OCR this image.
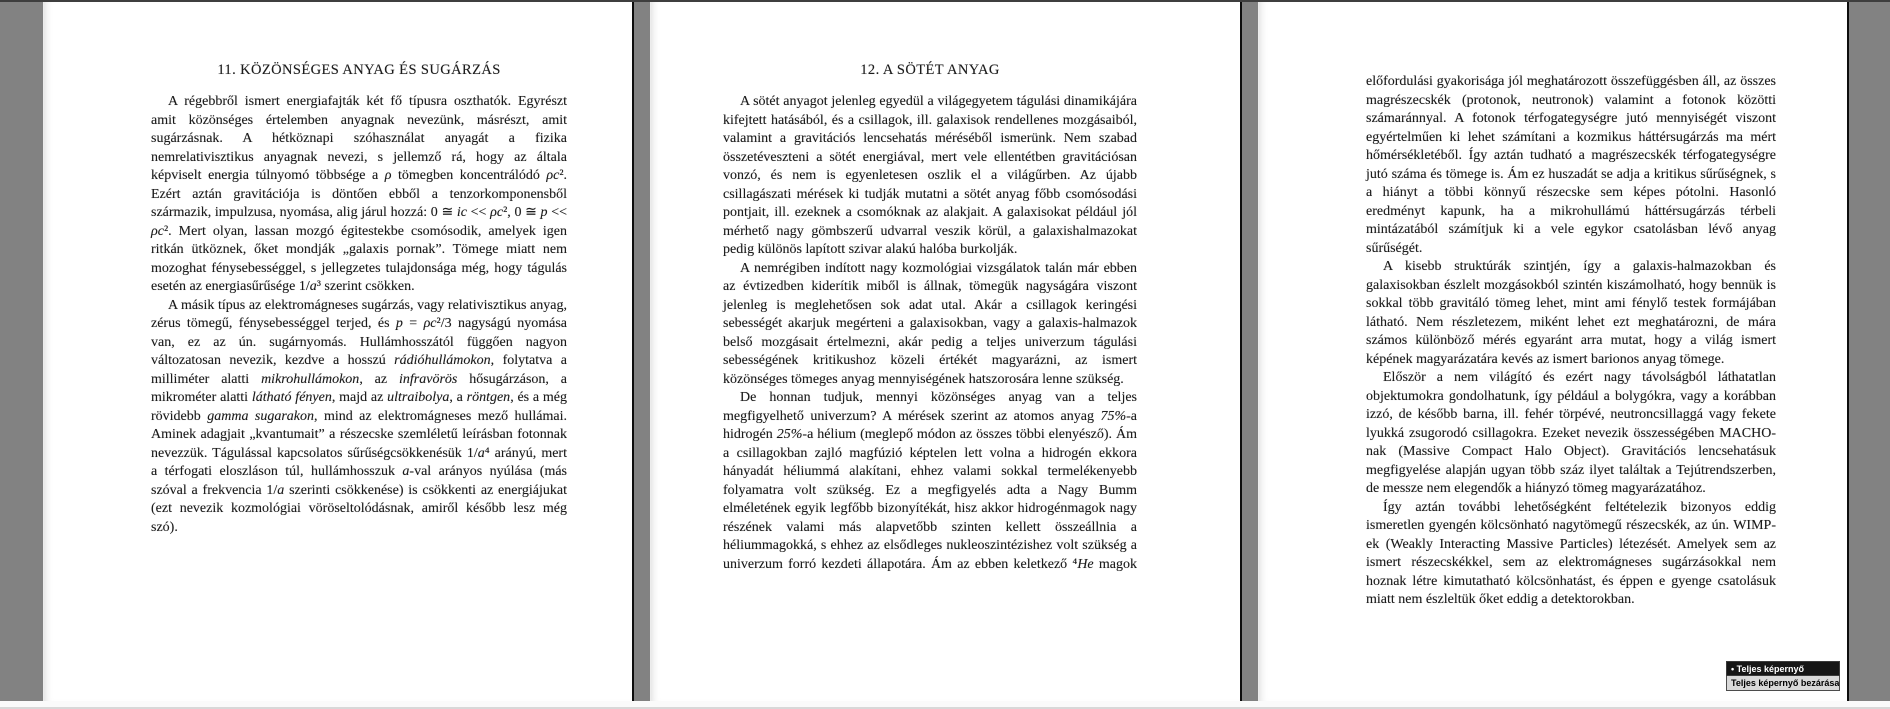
11. KÖZÖNSÉGES ANYAG ÉS SUGÁRZÁS

A régebbről ismert energiafajták két fő típusra oszthatók. Egyrészt amit közönséges értelemben anyagnak nevezünk, másrészt, amit sugárzásnak. A hétköznapi szóhasználat anyagát a fizika nemrelativisztikus anyagnak nevezi, s jellemző rá, hogy az általa képviselt energia túlnyomó többsége a ρ tömegben koncentrálódó ρc². Ezért aztán gravitációja is döntően ebből a tenzorkomponensből származik, impulzusa, nyomása, alig járul hozzá: 0 ≅ ic << ρc², 0 ≅ p << ρc². Mert olyan, lassan mozgó égitestekbe csomósodik, amelyek igen ritkán ütköznek, őket mondják „galaxis pornak”. Tömege miatt nem mozoghat fénysebességgel, s jellegzetes tulajdonsága még, hogy tágulás esetén az energiasűrűsége 1/a³ szerint csökken.

A másik típus az elektromágneses sugárzás, vagy relativisztikus anyag, zérus tömegű, fénysebességgel terjed, és p = ρc²/3 nagyságú nyomása van, ez az ún. sugárnyomás. Hullámhosszától függően nagyon változatosan nevezik, kezdve a hosszú rádióhullámokon, folytatva a milliméter alatti mikrohullámokon, az infravörös hősugárzáson, a mikrométer alatti látható fényen, majd az ultraibolya, a röntgen, és a még rövidebb gamma sugarakon, mind az elektromágneses mező hullámai. Aminek adagjait „kvantumait” a részecske szemléletű leírásban fotonnak nevezzük. Tágulással kapcsolatos sűrűségcsökkenésük 1/a⁴ arányú, mert a térfogati eloszláson túl, hullámhosszuk a-val arányos nyúlása (más szóval a frekvencia 1/a szerinti csökkenése) is csökkenti az energiájukat (ezt nevezik kozmológiai vöröseltolódásnak, amiről később lesz még szó).

12. A SÖTÉT ANYAG

A sötét anyagot jelenleg egyedül a világegyetem tágulási dinamikájára kifejtett hatásából, és a csillagok, ill. galaxisok rendellenes mozgásaiból, valamint a gravitációs lencsehatás méréséből ismerünk. Nem szabad összetéveszteni a sötét energiával, mert vele ellentétben gravitációsan vonzó, és nem is egyenletesen oszlik el a világűrben. Az újabb csillagászati mérések ki tudják mutatni a sötét anyag főbb csomósodási pontjait, ill. ezeknek a csomóknak az alakjait. A galaxisokat például jól mérhető nagy gömbszerű udvarral veszik körül, a galaxishalmazokat pedig különös lapított szivar alakú halóba burkolják.

A nemrégiben indított nagy kozmológiai vizsgálatok talán már ebben az évtizedben kiderítik miből is állnak, tömegük nagyságára viszont jelenleg is meglehetősen sok adat utal. Akár a csillagok keringési sebességét akarjuk megérteni a galaxisokban, vagy a galaxis-halmazok belső mozgásait értelmezni, akár pedig a teljes univerzum tágulási sebességének kritikushoz közeli értékét magyarázni, az ismert közönséges tömeges anyag mennyiségének hatszorosára lenne szükség.

De honnan tudjuk, mennyi közönséges anyag van a teljes megfigyelhető univerzum? A mérések szerint az atomos anyag 75%-a hidrogén 25%-a hélium (meglepő módon az összes többi elenyésző). Ám a csillagokban zajló magfúzió képtelen lett volna a hidrogén ekkora hányadát héliummá alakítani, ehhez valami sokkal termelékenyebb folyamatra volt szükség. Ez a megfigyelés adta a Nagy Bumm elméletének egyik legfőbb bizonyítékát, hisz akkor hidrogénmagok nagy részének valami más alapvetőbb szinten kellett összeállnia a héliummagokká, s ehhez az elsődleges nukleoszintézishez volt szükség a univerzum forró kezdeti állapotára. Ám az ebben keletkező ⁴He magok

előfordulási gyakorisága jól meghatározott összefüggésben áll, az összes magrészecskék (protonok, neutronok) valamint a fotonok közötti számaránnyal. A fotonok térfogategységre jutó mennyiségét viszont egyértelműen ki lehet számítani a kozmikus háttérsugárzás ma mért hőmérsékletéből. Így aztán tudható a magrészecskék térfogategységre jutó száma és tömege is. Ám ez huszadát se adja a kritikus sűrűségnek, s a hiányt a többi könnyű részecske sem képes pótolni. Hasonló eredményt kapunk, ha a mikrohullámú háttérsugárzás térbeli mintázatából számítjuk ki a vele egykor csatolásban lévő anyag sűrűségét.

A kisebb struktúrák szintjén, így a galaxis-halmazokban és galaxisokban észlelt mozgásokból szintén kiszámolható, hogy bennük is sokkal több gravitáló tömeg lehet, mint ami fénylő testek formájában látható. Nem részletezem, miként lehet ezt meghatározni, de mára számos különböző mérés egyaránt arra mutat, hogy a világ ismert képének magyarázatára kevés az ismert barionos anyag tömege.

Először a nem világító és ezért nagy távolságból láthatatlan objektumokra gondolhatunk, így például a bolygókra, vagy a korábban izzó, de később barna, ill. fehér törpévé, neutroncsillaggá vagy fekete lyukká zsugorodó csillagokra. Ezeket nevezik összességében MACHO-nak (Massive Compact Halo Object). Gravitációs lencsehatásuk megfigyelése alapján ugyan több száz ilyet találtak a Tejútrendszerben, de messze nem elegendők a hiányzó tömeg magyarázatához.

Így aztán további lehetőségként feltételezik bizonyos eddig ismeretlen gyengén kölcsönható nagytömegű részecskék, az ún. WIMP-ek (Weakly Interacting Massive Particles) létezését. Amelyek sem az ismert részecskékkel, sem az elektromágneses sugárzásokkal nem hoznak létre kimutatható kölcsönhatást, és éppen e gyenge csatolásuk miatt nem észleltük őket eddig a detektorokban.

• Teljes képernyő
Teljes képernyő bezárása
